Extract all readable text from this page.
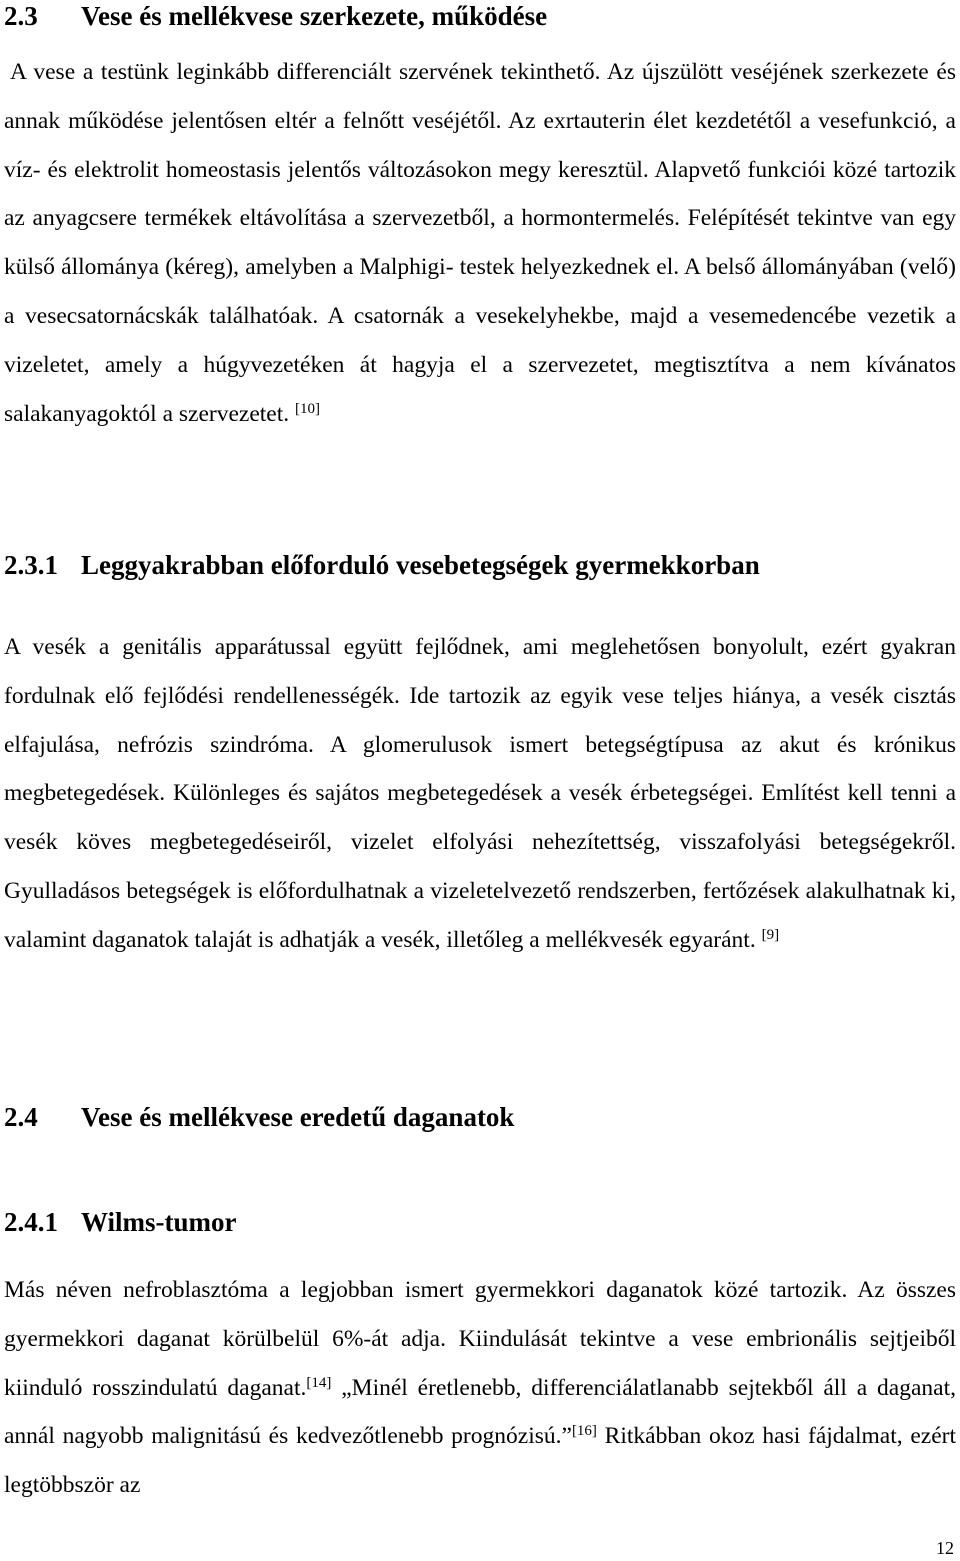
2.3 Vese és mellékvese szerkezete, működése

A vese a testünk leginkább differenciált szervének tekinthető. Az újszülött veséjének szerkezete és annak működése jelentősen eltér a felnőtt veséjétől. Az exrtauterin élet kezdetétől a vesefunkció, a víz- és elektrolit homeostasis jelentős változásokon megy keresztül. Alapvető funkciói közé tartozik az anyagcsere termékek eltávolítása a szervezetből, a hormontermelés. Felépítését tekintve van egy külső állománya (kéreg), amelyben a Malphigi- testek helyezkednek el. A belső állományában (velő) a vesecsatornácskák találhatóak. A csatornák a vesekelyhekbe, majd a vesemedencébe vezetik a vizeletet, amely a húgyvezetéken át hagyja el a szervezetet, megtisztítva a nem kívánatos salakanyagoktól a szervezetet. [10]

2.3.1 Leggyakrabban előforduló vesebetegségek gyermekkorban

A vesék a genitális apparátussal együtt fejlődnek, ami meglehetősen bonyolult, ezért gyakran fordulnak elő fejlődési rendellenességék. Ide tartozik az egyik vese teljes hiánya, a vesék cisztás elfajulása, nefrózis szindróma. A glomerulusok ismert betegségtípusa az akut és krónikus megbetegedések. Különleges és sajátos megbetegedések a vesék érbetegségei. Említést kell tenni a vesék köves megbetegedéseiről, vizelet elfolyási nehezítettség, visszafolyási betegségekről. Gyulladásos betegségek is előfordulhatnak a vizeletelvezető rendszerben, fertőzések alakulhatnak ki, valamint daganatok talaját is adhatják a vesék, illetőleg a mellékvesék egyaránt. [9]

2.4 Vese és mellékvese eredetű daganatok
2.4.1 Wilms-tumor

Más néven nefroblasztóma a legjobban ismert gyermekkori daganatok közé tartozik. Az összes gyermekkori daganat körülbelül 6%-át adja. Kiindulását tekintve a vese embrionális sejtjeiből kiinduló rosszindulatú daganat.[14] „Minél éretlenebb, differenciálatlanabb sejtekből áll a daganat, annál nagyobb malignitású és kedvezőtlenebb prognózisú.”[16] Ritkábban okoz hasi fájdalmat, ezért legtöbbször az

12
